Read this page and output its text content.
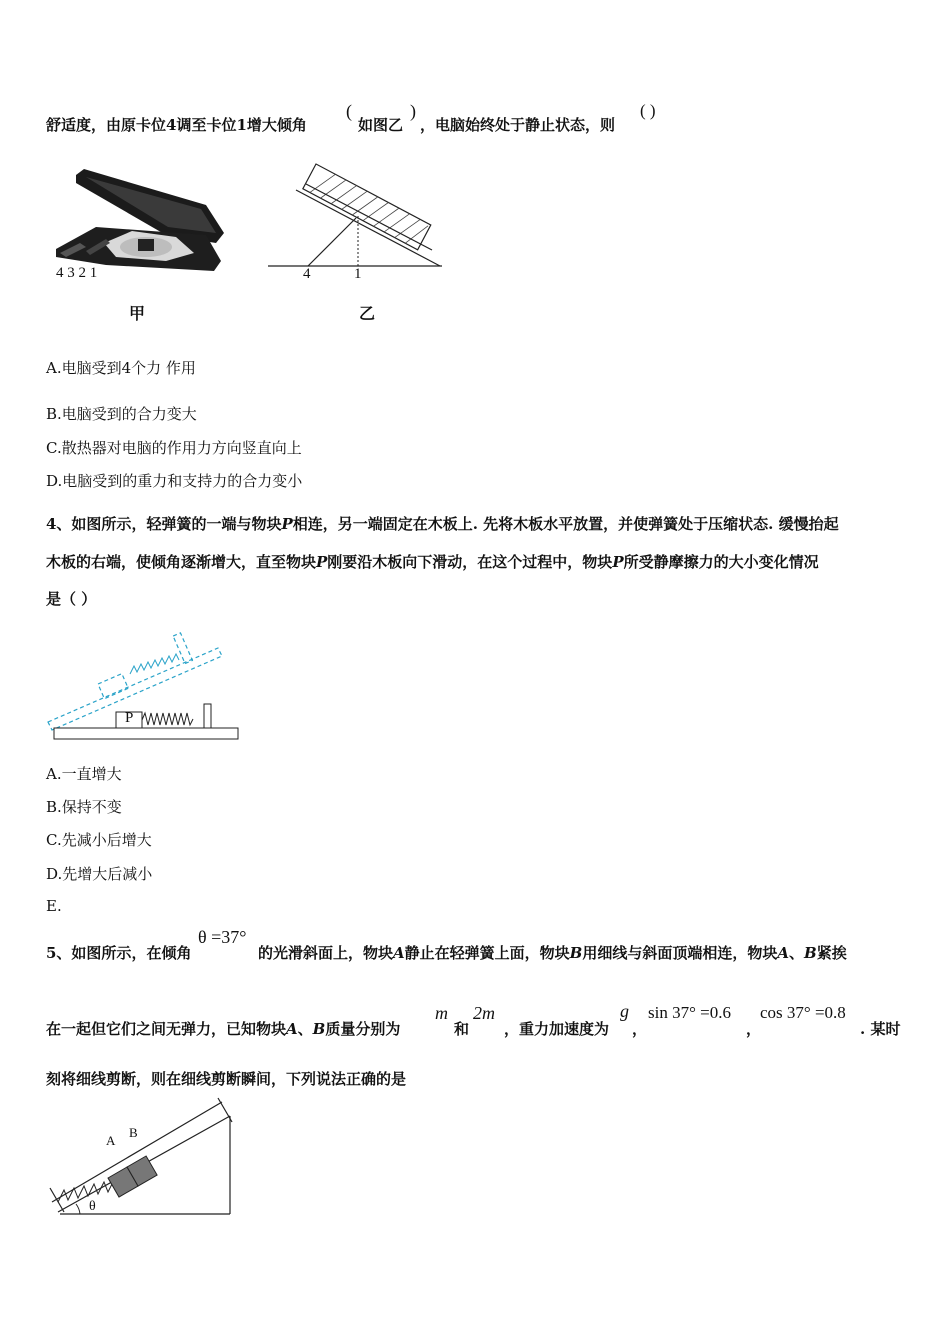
舒适度，由原卡位4调至卡位1增大倾角
(
如图乙
)
，电脑始终处于静止状态，则
( )
4 3 2 1
甲
4	1
乙
A.电脑受到4个力 作用
B.电脑受到的合力变大
C.散热器对电脑的作用力方向竖直向上
D.电脑受到的重力和支持力的合力变小
4、如图所示，轻弹簧的一端与物块P相连，另一端固定在木板上. 先将木板水平放置，并使弹簧处于压缩状态. 缓慢抬起
木板的右端，使倾角逐渐增大，直至物块P刚要沿木板向下滑动，在这个过程中，物块P所受静摩擦力的大小变化情况
是（ ）
P
A.一直增大
B.保持不变
C.先减小后增大
D.先增大后减小
E.
5、如图所示，在倾角
θ =37°
的光滑斜面上，物块A静止在轻弹簧上面，物块B用细线与斜面顶端相连，物块A、B紧挨
在一起但它们之间无弹力，已知物块A、B质量分别为
m
和
2m
，重力加速度为
g
，
sin 37° =0.6
，
cos 37° =0.8
. 某时
刻将细线剪断，则在细线剪断瞬间，下列说法正确的是
A
B
θ
